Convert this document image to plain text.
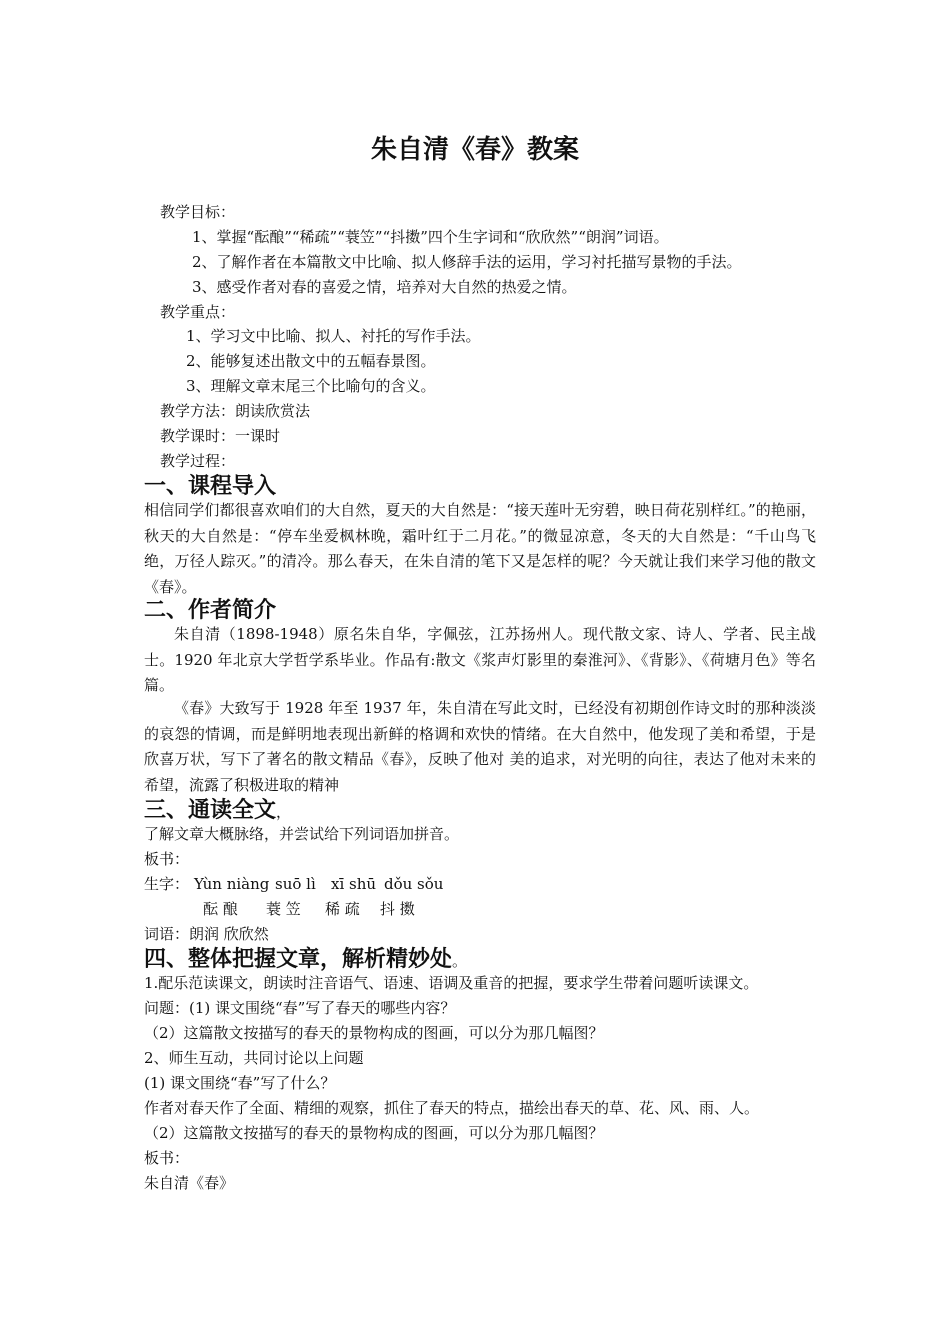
朱自清《春》教案
教学目标：
1、掌握“酝酿”“稀疏”“蓑笠”“抖擞”四个生字词和“欣欣然”“朗润”词语。
2、了解作者在本篇散文中比喻、拟人修辞手法的运用，学习衬托描写景物的手法。
3、感受作者对春的喜爱之情，培养对大自然的热爱之情。
教学重点：
1、学习文中比喻、拟人、衬托的写作手法。
2、能够复述出散文中的五幅春景图。
3、理解文章末尾三个比喻句的含义。
教学方法：朗读欣赏法
教学课时：一课时
教学过程：
一、课程导入
相信同学们都很喜欢咱们的大自然，夏天的大自然是：“接天莲叶无穷碧，映日荷花别样红。”的艳丽，秋天的大自然是：“停车坐爱枫林晚，霜叶红于二月花。”的微显凉意，冬天的大自然是：“千山鸟飞绝，万径人踪灭。”的清冷。那么春天，在朱自清的笔下又是怎样的呢？今天就让我们来学习他的散文《春》。
二、作者简介
朱自清（1898-1948）原名朱自华，字佩弦，江苏扬州人。现代散文家、诗人、学者、民主战士。1920 年北京大学哲学系毕业。作品有:散文《浆声灯影里的秦淮河》、《背影》、《荷塘月色》等名篇。
《春》大致写于 1928 年至 1937 年，朱自清在写此文时，已经没有初期创作诗文时的那种淡淡的哀怨的情调，而是鲜明地表现出新鲜的格调和欢快的情绪。在大自然中，他发现了美和希望，于是欣喜万状，写下了著名的散文精品《春》，反映了他对 美的追求，对光明的向往，表达了他对未来的希望，流露了积极进取的精神
三、通读全文，
了解文章大概脉络，并尝试给下列词语加拼音。
板书：
生字： Yùn niàng suō lì xī shū dǒu sǒu
酝 酿 蓑 笠 稀 疏 抖 擞
词语：朗润 欣欣然
四、整体把握文章，解析精妙处。
1.配乐范读课文，朗读时注音语气、语速、语调及重音的把握，要求学生带着问题听读课文。
问题：(1) 课文围绕“春”写了春天的哪些内容？
（2）这篇散文按描写的春天的景物构成的图画，可以分为那几幅图？
2、师生互动，共同讨论以上问题
(1) 课文围绕“春”写了什么？
作者对春天作了全面、精细的观察，抓住了春天的特点，描绘出春天的草、花、风、雨、人。
（2）这篇散文按描写的春天的景物构成的图画，可以分为那几幅图？
板书：
朱自清《春》
